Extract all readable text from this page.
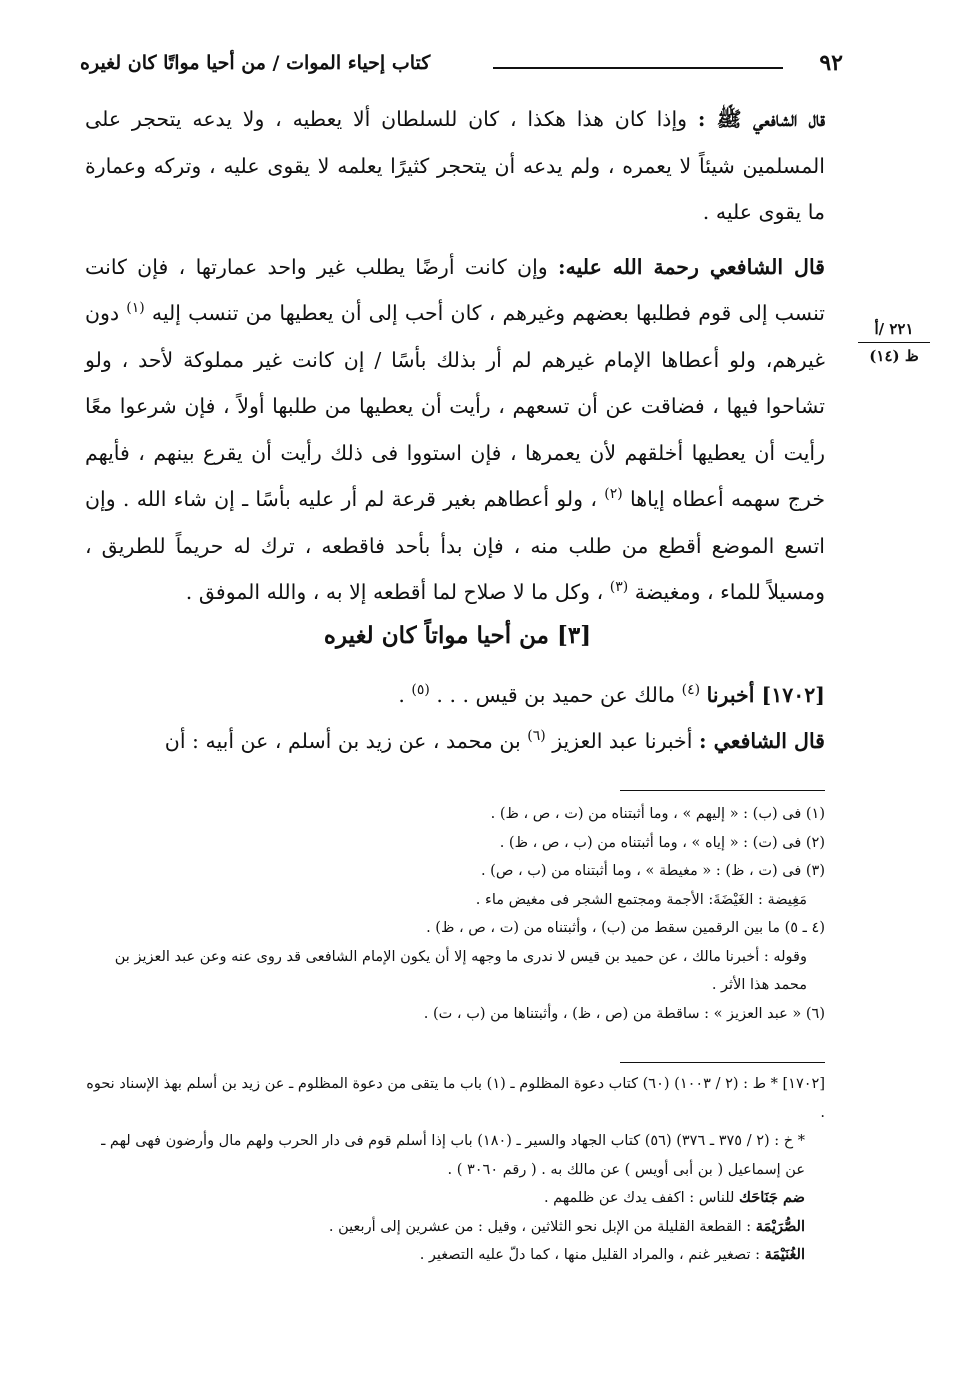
٩٢
كتاب إحياء الموات / من أحيا مواتًا كان لغيره

قال الشافعي ﷺ : وإذا كان هذا هكذا ، كان للسلطان ألا يعطيه ، ولا يدعه يتحجر على المسلمين شيئاً لا يعمره ، ولم يدعه أن يتحجر كثيرًا يعلمه لا يقوى عليه ، وتركه وعمارة ما يقوى عليه .

قال الشافعي رحمة الله عليه: وإن كانت أرضًا يطلب غير واحد عمارتها ، فإن كانت تنسب إلى قوم فطلبها بعضهم وغيرهم ، كان أحب إلى أن يعطيها من تنسب إليه $^{(١)}$ دون غيرهم، ولو أعطاها الإمام غيرهم لم أر بذلك بأسًا / إن كانت غير مملوكة لأحد ، ولو تشاحوا فيها ، فضاقت عن أن تسعهم ، رأيت أن يعطيها من طلبها أولاً ، فإن شرعوا معًا رأيت أن يعطيها أخلقهم لأن يعمرها ، فإن استووا فى ذلك رأيت أن يقرع بينهم ، فأيهم خرج سهمه أعطاه إياها $^{(٢)}$ ، ولو أعطاهم بغير قرعة لم أر عليه بأسًا ـ إن شاء الله . وإن اتسع الموضع أقطع من طلب منه ، فإن بدأ بأحد فاقطعه ، ترك له حريماً للطريق ، ومسيلاً للماء ، ومغيضة $^{(٣)}$ ، وكل ما لا صلاح لما أقطعه إلا به ، والله الموفق .

٢٢١ /أ
ظ (١٤)
[٣] من أحيا مواتاً كان لغيره
[١٧٠٢] أخبرنا $^{(٤)}$ مالك عن حميد بن قيس . . . $^{(٥)}$ .
قال الشافعي : أخبرنا عبد العزيز $^{(٦)}$ بن محمد ، عن زيد بن أسلم ، عن أبيه : أن
(١) فى (ب) : « إليهم » ، وما أثبتناه من (ت ، ص ، ظ) .
(٢) فى (ت) : « إياه » ، وما أثبتناه من (ب ، ص ، ظ) .
(٣) فى (ت ، ظ) : « مغيطة » ، وما أثبتناه من (ب ، ص) .
مَغِيضة : الغَيْضَةَ: الأجمة ومجتمع الشجر فى مغيض ماء .
(٤ ـ ٥) ما بين الرقمين سقط من (ب) ، وأثبتناه من (ت ، ص ، ظ) .
وقوله : أخبرنا مالك ، عن حميد بن قيس لا ندرى ما وجهه إلا أن يكون الإمام الشافعى قد روى عنه وعن عبد العزيز بن محمد هذا الأثر .
(٦) « عبد العزيز » : ساقطة من (ص ، ظ) ، وأثبتناها من (ب ، ت) .
[١٧٠٢] * ط : (٢ / ١٠٠٣) (٦٠) كتاب دعوة المظلوم ـ (١) باب ما يتقى من دعوة المظلوم ـ عن زيد بن أسلم بهذ الإسناد نحوه .
* خ : (٢ / ٣٧٥ ـ ٣٧٦) (٥٦) كتاب الجهاد والسير ـ (١٨٠) باب إذا أسلم قوم فى دار الحرب ولهم مال وأرضون فهى لهم ـ عن إسماعيل ( بن أبى أويس ) عن مالك به . ( رقم ٣٠٦٠ ) .
ضم جَنَاحَك للناس : اكفف يدك عن ظلمهم .
الصُّرَيْمَة : القطعة القليلة من الإبل نحو الثلاثين ، وقيل : من عشرين إلى أربعين .
الغُنَيْمَة : تصغير غنم ، والمراد القليل منها ، كما دلّ عليه التصغير .
